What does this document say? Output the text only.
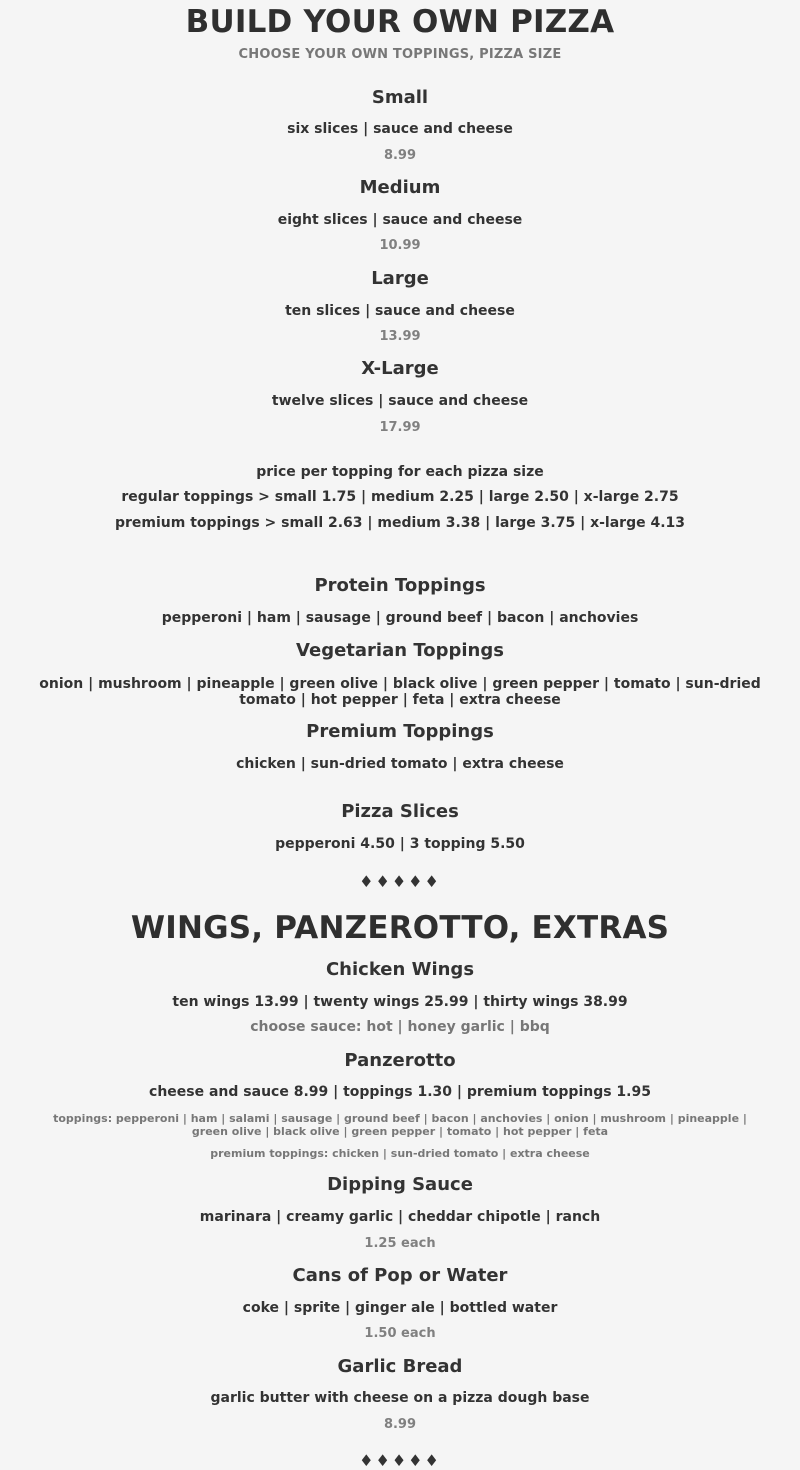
BUILD YOUR OWN PIZZA
CHOOSE YOUR OWN TOPPINGS, PIZZA SIZE
Small
six slices | sauce and cheese
8.99
Medium
eight slices | sauce and cheese
10.99
Large
ten slices | sauce and cheese
13.99
X-Large
twelve slices | sauce and cheese
17.99
price per topping for each pizza size
regular toppings > small 1.75 | medium 2.25 | large 2.50 | x-large 2.75
premium toppings > small 2.63 | medium 3.38 | large 3.75 | x-large 4.13
Protein Toppings
pepperoni | ham | sausage | ground beef | bacon | anchovies
Vegetarian Toppings
onion | mushroom | pineapple | green olive | black olive | green pepper | tomato | sun-dried tomato | hot pepper | feta | extra cheese
Premium Toppings
chicken | sun-dried tomato | extra cheese
Pizza Slices
pepperoni 4.50 | 3 topping 5.50
♦♦♦♦♦
WINGS, PANZEROTTO, EXTRAS
Chicken Wings
ten wings 13.99 | twenty wings 25.99 | thirty wings 38.99
choose sauce: hot | honey garlic | bbq
Panzerotto
cheese and sauce 8.99 | toppings 1.30 | premium toppings 1.95
toppings: pepperoni | ham | salami | sausage | ground beef | bacon | anchovies | onion | mushroom | pineapple | green olive | black olive | green pepper | tomato | hot pepper | feta
premium toppings: chicken | sun-dried tomato | extra cheese
Dipping Sauce
marinara | creamy garlic | cheddar chipotle | ranch
1.25 each
Cans of Pop or Water
coke | sprite | ginger ale | bottled water
1.50 each
Garlic Bread
garlic butter with cheese on a pizza dough base
8.99
♦♦♦♦♦
